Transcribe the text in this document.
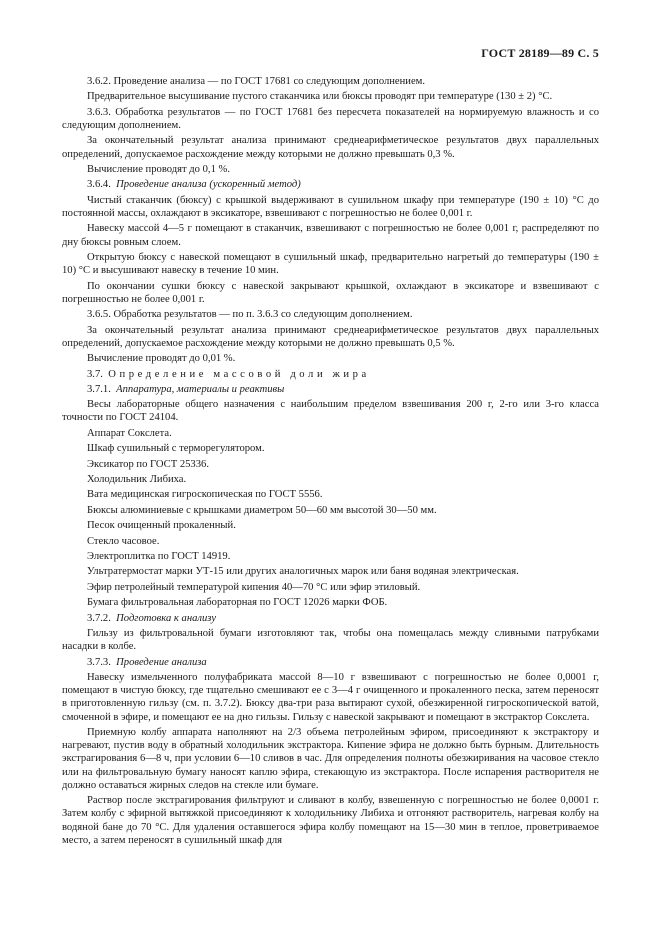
ГОСТ 28189—89 С. 5

3.6.2. Проведение анализа — по ГОСТ 17681 со следующим дополнением.

Предварительное высушивание пустого стаканчика или бюксы проводят при температуре (130 ± 2) °С.

3.6.3. Обработка результатов — по ГОСТ 17681 без пересчета показателей на нормируемую влажность и со следующим дополнением.

За окончательный результат анализа принимают среднеарифметическое результатов двух параллельных определений, допускаемое расхождение между которыми не должно превышать 0,3 %.

Вычисление проводят до 0,1 %.

3.6.4. Проведение анализа (ускоренный метод)

Чистый стаканчик (бюксу) с крышкой выдерживают в сушильном шкафу при температуре (190 ± 10) °С до постоянной массы, охлаждают в эксикаторе, взвешивают с погрешностью не более 0,001 г.

Навеску массой 4—5 г помещают в стаканчик, взвешивают с погрешностью не более 0,001 г, распределяют по дну бюксы ровным слоем.

Открытую бюксу с навеской помещают в сушильный шкаф, предварительно нагретый до температуры (190 ± 10) °С и высушивают навеску в течение 10 мин.

По окончании сушки бюксу с навеской закрывают крышкой, охлаждают в эксикаторе и взвешивают с погрешностью не более 0,001 г.

3.6.5. Обработка результатов — по п. 3.6.3 со следующим дополнением.

За окончательный результат анализа принимают среднеарифметическое результатов двух параллельных определений, допускаемое расхождение между которыми не должно превышать 0,5 %.

Вычисление проводят до 0,01 %.

3.7. Определение массовой доли жира

3.7.1. Аппаратура, материалы и реактивы

Весы лабораторные общего назначения с наибольшим пределом взвешивания 200 г, 2-го или 3-го класса точности по ГОСТ 24104.

Аппарат Сокслета.

Шкаф сушильный с терморегулятором.

Эксикатор по ГОСТ 25336.

Холодильник Либиха.

Вата медицинская гигроскопическая по ГОСТ 5556.

Бюксы алюминиевые с крышками диаметром 50—60 мм высотой 30—50 мм.

Песок очищенный прокаленный.

Стекло часовое.

Электроплитка по ГОСТ 14919.

Ультратермостат марки УТ-15 или других аналогичных марок или баня водяная электрическая.

Эфир петролейный температурой кипения 40—70 °С или эфир этиловый.

Бумага фильтровальная лабораторная по ГОСТ 12026 марки ФОБ.

3.7.2. Подготовка к анализу

Гильзу из фильтровальной бумаги изготовляют так, чтобы она помещалась между сливными патрубками насадки в колбе.

3.7.3. Проведение анализа

Навеску измельченного полуфабриката массой 8—10 г взвешивают с погрешностью не более 0,0001 г, помещают в чистую бюксу, где тщательно смешивают ее с 3—4 г очищенного и прокаленного песка, затем переносят в приготовленную гильзу (см. п. 3.7.2). Бюксу два-три раза вытирают сухой, обезжиренной гигроскопической ватой, смоченной в эфире, и помещают ее на дно гильзы. Гильзу с навеской закрывают и помещают в экстрактор Сокслета.

Приемную колбу аппарата наполняют на 2/3 объема петролейным эфиром, присоединяют к экстрактору и нагревают, пустив воду в обратный холодильник экстрактора. Кипение эфира не должно быть бурным. Длительность экстрагирования 6—8 ч, при условии 6—10 сливов в час. Для определения полноты обезжиривания на часовое стекло или на фильтровальную бумагу наносят каплю эфира, стекающую из экстрактора. После испарения растворителя не должно оставаться жирных следов на стекле или бумаге.

Раствор после экстрагирования фильтруют и сливают в колбу, взвешенную с погрешностью не более 0,0001 г. Затем колбу с эфирной вытяжкой присоединяют к холодильнику Либиха и отгоняют растворитель, нагревая колбу на водяной бане до 70 °С. Для удаления оставшегося эфира колбу помещают на 15—30 мин в теплое, проветриваемое место, а затем переносят в сушильный шкаф для
